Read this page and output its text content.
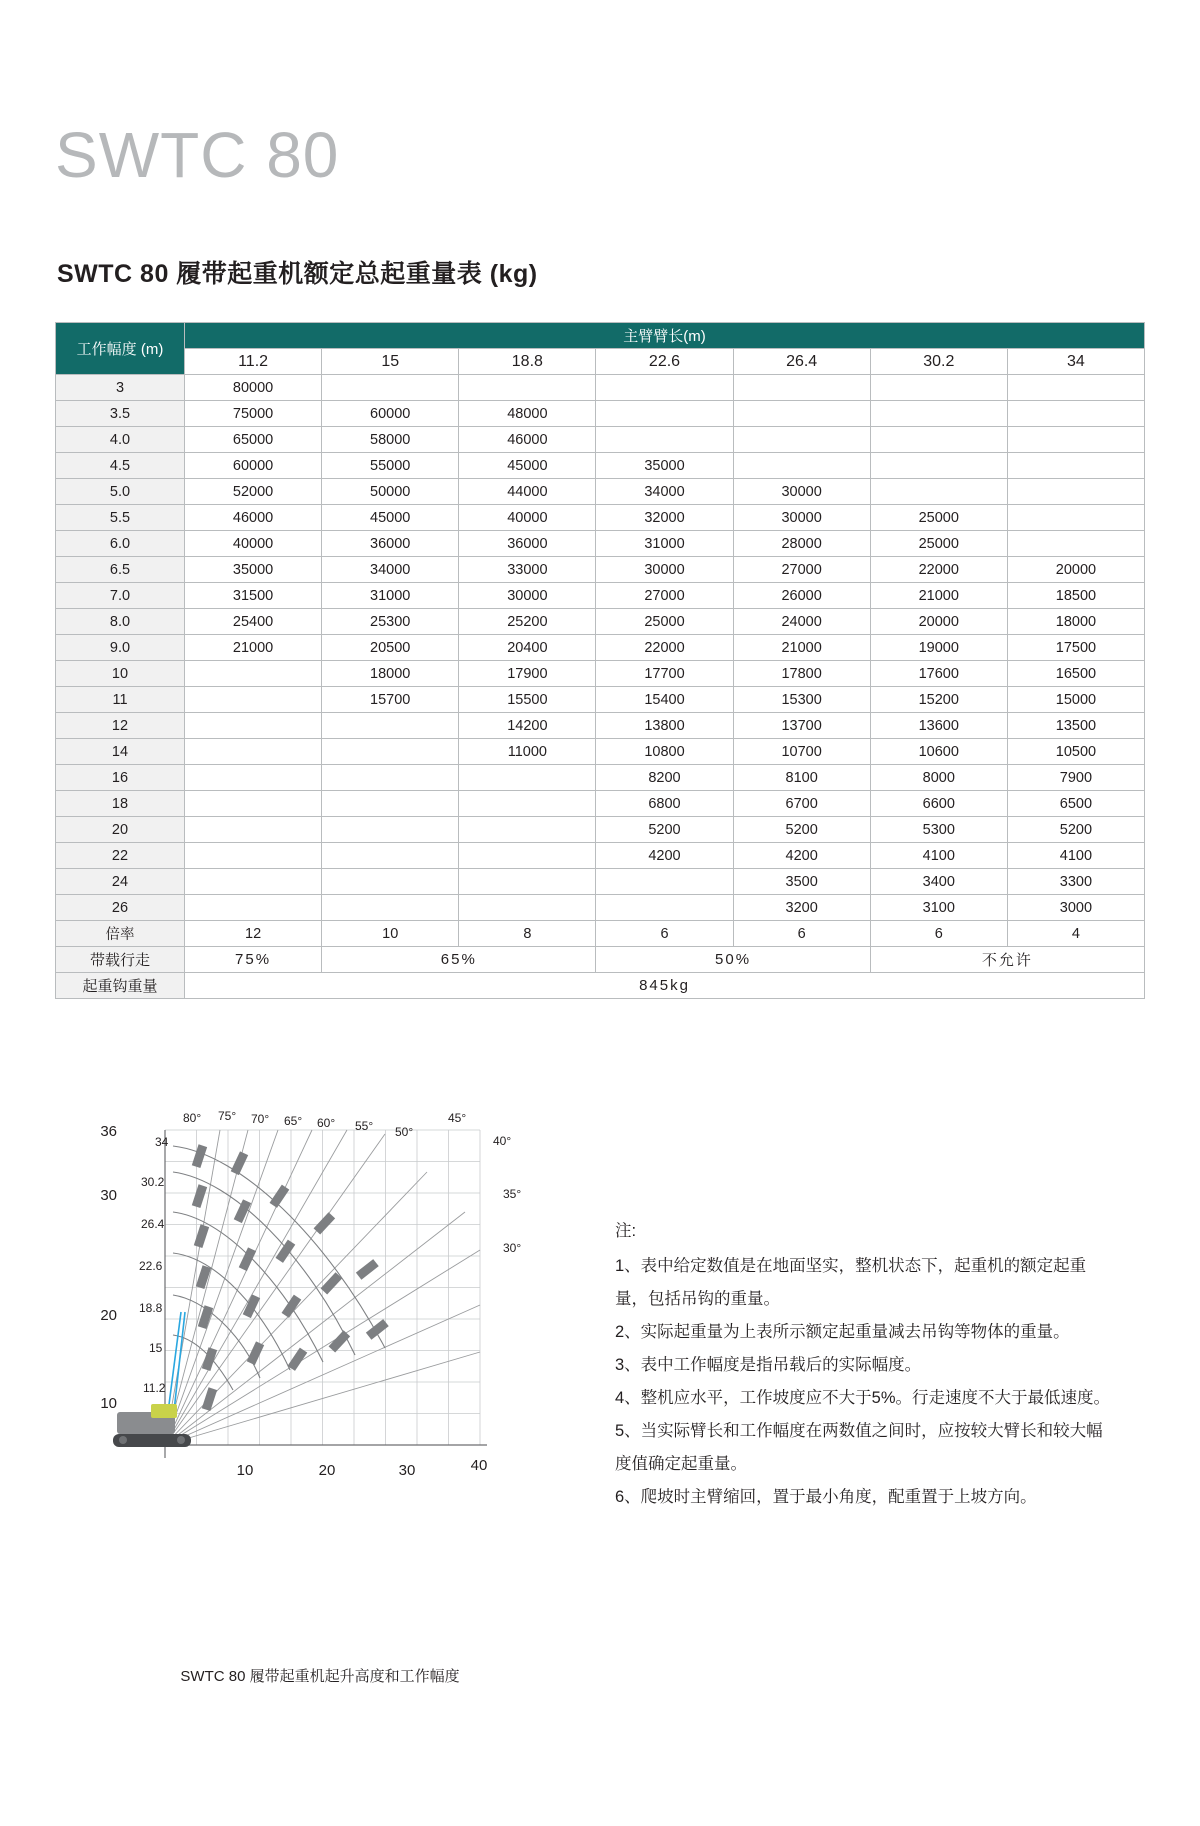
SWTC 80
SWTC 80 履带起重机额定总起重量表 (kg)
工作幅度 (m)	主臂臂长(m)						
	11.2	15	18.8	22.6	26.4	30.2	34
3	80000						
3.5	75000	60000	48000				
4.0	65000	58000	46000				
4.5	60000	55000	45000	35000			
5.0	52000	50000	44000	34000	30000		
5.5	46000	45000	40000	32000	30000	25000	
6.0	40000	36000	36000	31000	28000	25000	
6.5	35000	34000	33000	30000	27000	22000	20000
7.0	31500	31000	30000	27000	26000	21000	18500
8.0	25400	25300	25200	25000	24000	20000	18000
9.0	21000	20500	20400	22000	21000	19000	17500
10		18000	17900	17700	17800	17600	16500
11		15700	15500	15400	15300	15200	15000
12			14200	13800	13700	13600	13500
14			11000	10800	10700	10600	10500
16				8200	8100	8000	7900
18				6800	6700	6600	6500
20				5200	5200	5300	5200
22				4200	4200	4100	4100
24					3500	3400	3300
26					3200	3100	3000
倍率	12	10	8	6	6	6	4
带载行走	75%	65%		50%		不允许	
起重钩重量	845kg						
80° 75° 70° 65° 60° 55° 50°
45°
40°
35°
30°
34
30.2
26.4
22.6
18.8
15
11.2
36
30
20
10
10	20	30	40
SWTC 80 履带起重机起升高度和工作幅度

注:

1、表中给定数值是在地面坚实，整机状态下，起重机的额定起重

量，包括吊钩的重量。

2、实际起重量为上表所示额定起重量减去吊钩等物体的重量。

3、表中工作幅度是指吊载后的实际幅度。

4、整机应水平，工作坡度应不大于5%。行走速度不大于最低速度。

5、当实际臂长和工作幅度在两数值之间时，应按较大臂长和较大幅

度值确定起重量。

6、爬坡时主臂缩回，置于最小角度，配重置于上坡方向。
